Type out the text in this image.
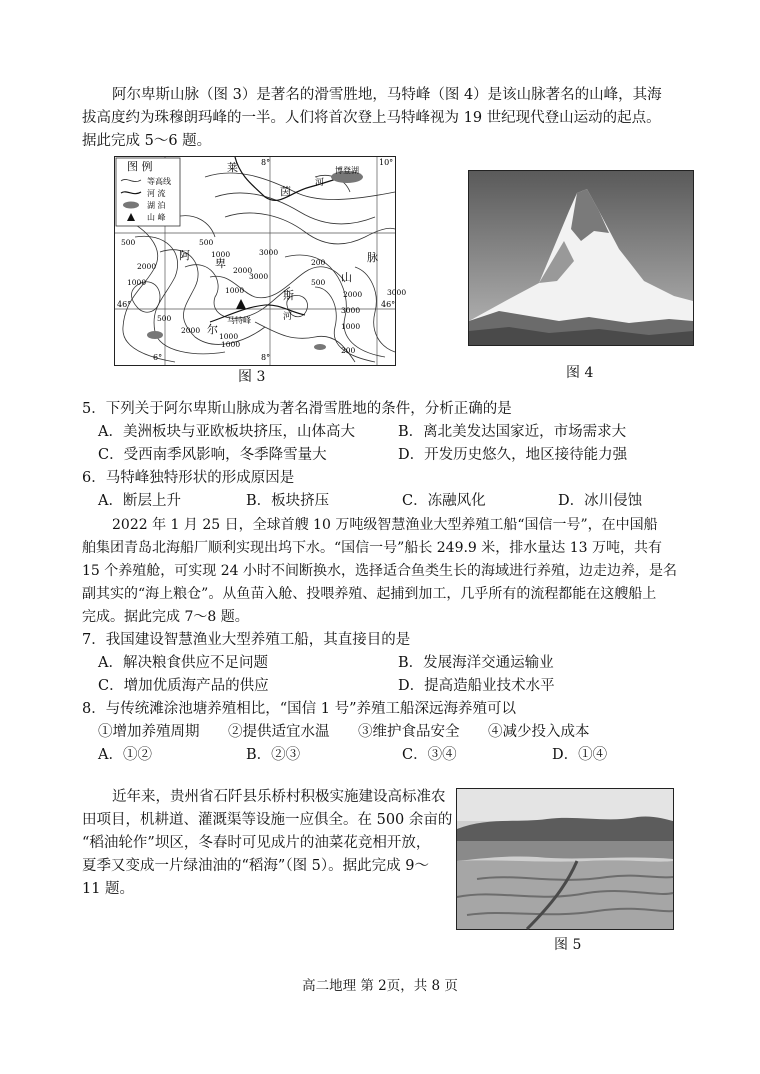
阿尔卑斯山脉（图 3）是著名的滑雪胜地，马特峰（图 4）是该山脉著名的山峰，其海
拔高度约为珠穆朗玛峰的一半。人们将首次登上马特峰视为 19 世纪现代登山运动的起点。
据此完成 5～6 题。
图 例
等高线
河 流
湖 泊
山 峰
8°	10°
6°	8°
46°	46°
莱
茵
河
博登湖
阿
卑	脉
山
斯
尔
马特峰	河
500	500
2000
1000
1000
2000
3000
3000
500
2000
1000	3000
200
200
1000
500
1000
2000
1000
3000
图 3	图 4
5．下列关于阿尔卑斯山脉成为著名滑雪胜地的条件，分析正确的是
A．美洲板块与亚欧板块挤压，山体高大	B．离北美发达国家近，市场需求大
C．受西南季风影响，冬季降雪量大	D．开发历史悠久，地区接待能力强
6．马特峰独特形状的形成原因是
A．断层上升	B．板块挤压	C．冻融风化	D．冰川侵蚀
2022 年 1 月 25 日，全球首艘 10 万吨级智慧渔业大型养殖工船“国信一号”，在中国船
舶集团青岛北海船厂顺利实现出坞下水。“国信一号”船长 249.9 米，排水量达 13 万吨，共有
15 个养殖舱，可实现 24 小时不间断换水，选择适合鱼类生长的海域进行养殖，边走边养，是名
副其实的“海上粮仓”。从鱼苗入舱、投喂养殖、起捕到加工，几乎所有的流程都能在这艘船上
完成。据此完成 7～8 题。
7．我国建设智慧渔业大型养殖工船，其直接目的是
A．解决粮食供应不足问题	B．发展海洋交通运输业
C．增加优质海产品的供应	D．提高造船业技术水平
8．与传统滩涂池塘养殖相比，“国信 1 号”养殖工船深远海养殖可以
①增加养殖周期 ②提供适宜水温 ③维护食品安全 ④减少投入成本
A．①②	B．②③	C．③④	D．①④
近年来，贵州省石阡县乐桥村积极实施建设高标准农
田项目，机耕道、灌溉渠等设施一应俱全。在 500 余亩的
“稻油轮作”坝区，冬春时可见成片的油菜花竞相开放，
夏季又变成一片绿油油的“稻海”（图 5）。据此完成 9～
11 题。
图 5
高二地理 第 2页，共 8 页
